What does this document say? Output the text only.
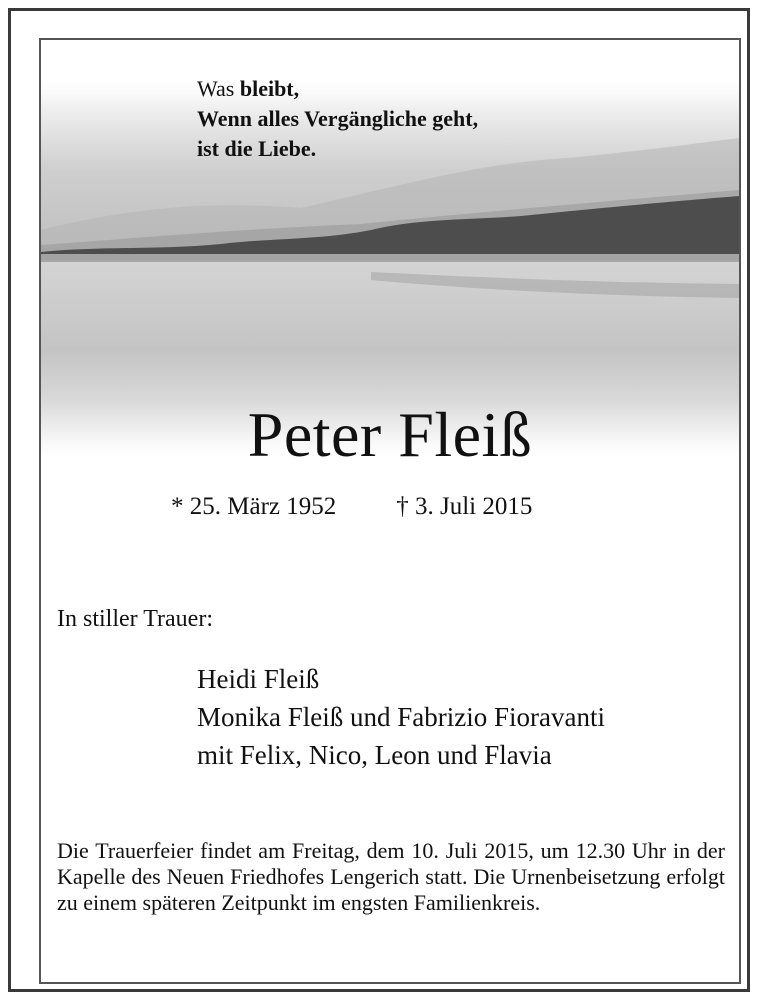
Was bleibt,
Wenn alles Vergängliche geht,
ist die Liebe.

Peter Fleiß
* 25. März 1952 † 3. Juli 2015
In stiller Trauer:
Heidi Fleiß
Monika Fleiß und Fabrizio Fioravanti
mit Felix, Nico, Leon und Flavia

Die Trauerfeier findet am Freitag, dem 10. Juli 2015, um 12.30 Uhr in der Kapelle des Neuen Friedhofes Lengerich statt. Die Urnenbeisetzung erfolgt zu einem späteren Zeitpunkt im engsten Familienkreis.
